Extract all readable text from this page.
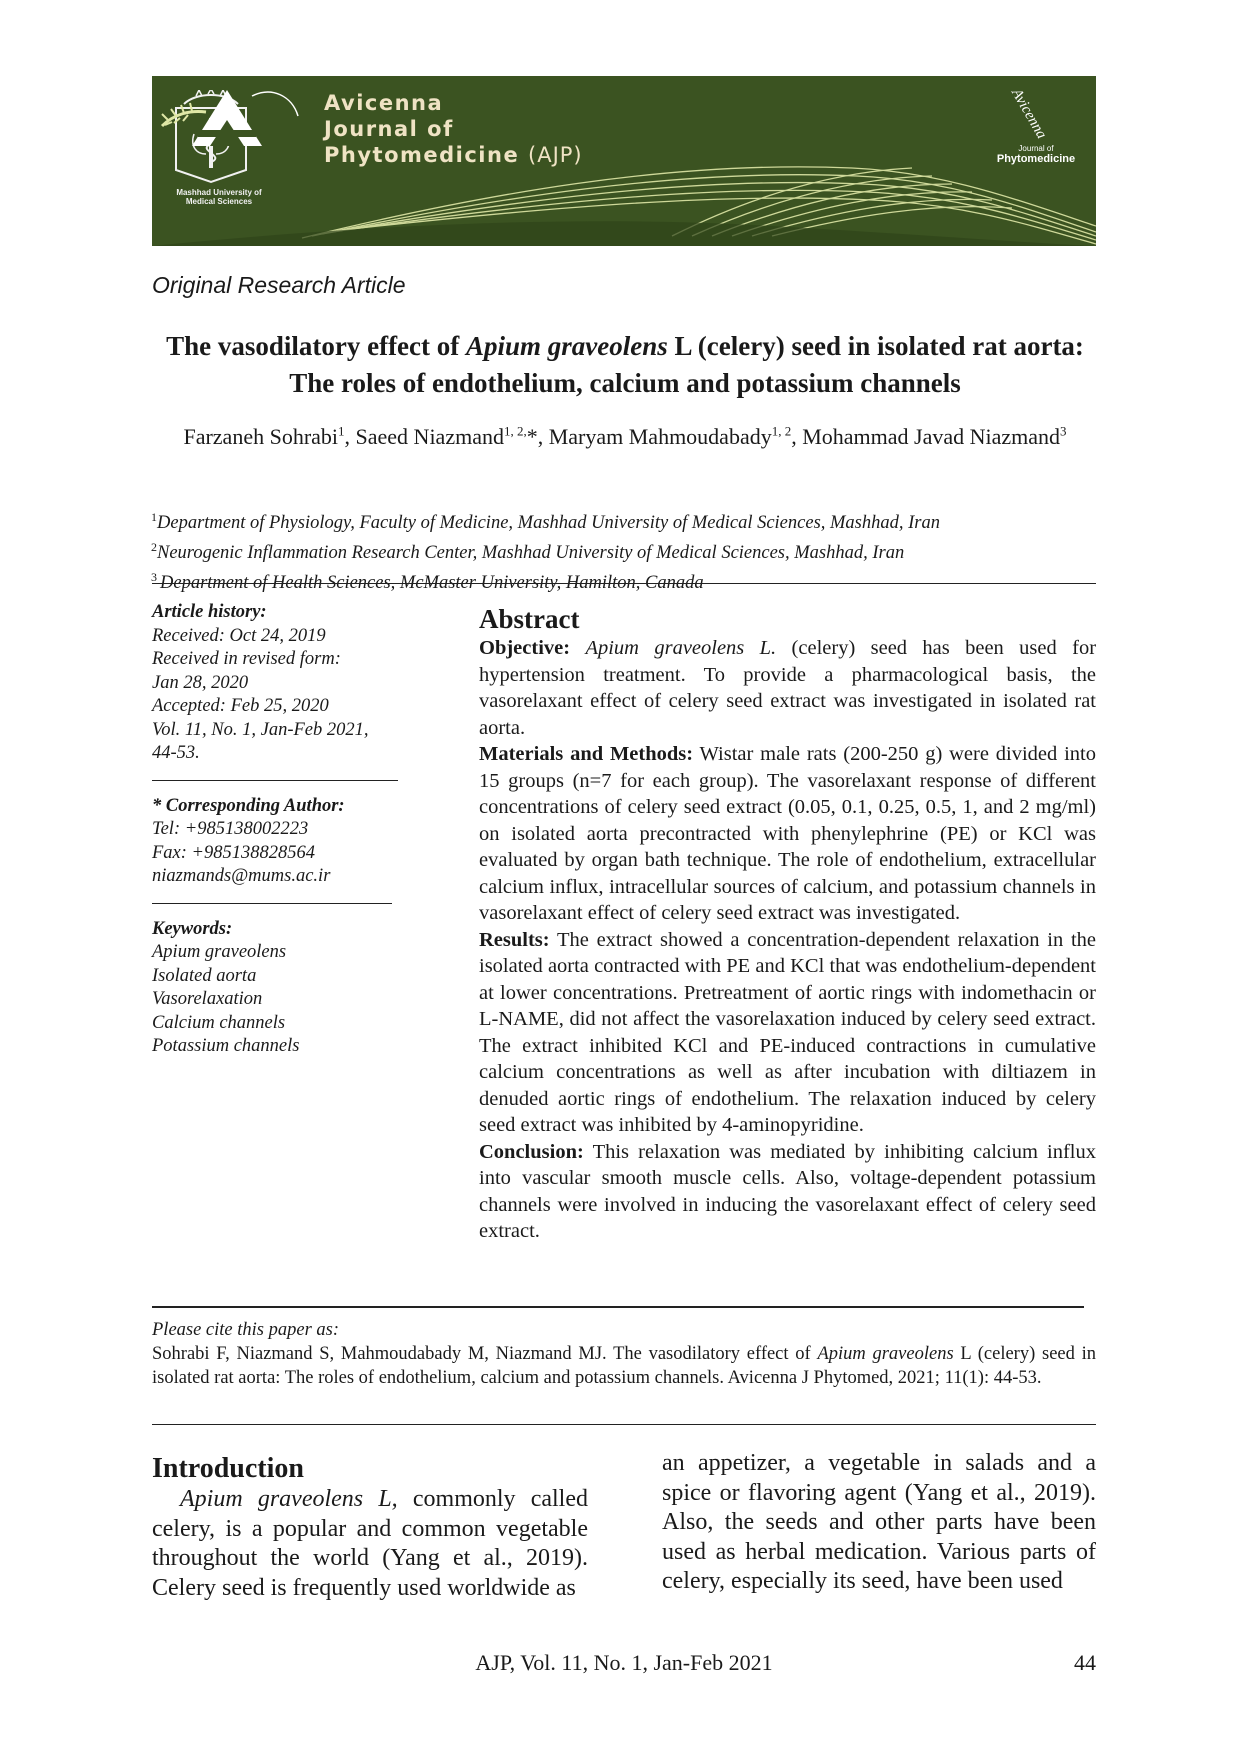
Mashhad University of Medical Sciences
Avicenna
Journal of
Phytomedicine (AJP)
Avicenna
Journal of
Phytomedicine
Original Research Article
The vasodilatory effect of Apium graveolens L (celery) seed in isolated rat aorta: The roles of endothelium, calcium and potassium channels
Farzaneh Sohrabi$^1$, Saeed Niazmand$^{1, 2,}$*, Maryam Mahmoudabady$^{1, 2}$, Mohammad Javad Niazmand$^3$
$^1$Department of Physiology, Faculty of Medicine, Mashhad University of Medical Sciences, Mashhad, Iran
$^2$Neurogenic Inflammation Research Center, Mashhad University of Medical Sciences, Mashhad, Iran
$^3$ Department of Health Sciences, McMaster University, Hamilton, Canada
Article history:
Received: Oct 24, 2019
Received in revised form:
Jan 28, 2020
Accepted: Feb 25, 2020
Vol. 11, No. 1, Jan-Feb 2021,
44-53.
* Corresponding Author:
Tel: +985138002223
Fax: +985138828564
niazmands@mums.ac.ir
Keywords:
Apium graveolens
Isolated aorta
Vasorelaxation
Calcium channels
Potassium channels
Abstract

Objective: Apium graveolens L. (celery) seed has been used for hypertension treatment. To provide a pharmacological basis, the vasorelaxant effect of celery seed extract was investigated in isolated rat aorta.

Materials and Methods: Wistar male rats (200-250 g) were divided into 15 groups (n=7 for each group). The vasorelaxant response of different concentrations of celery seed extract (0.05, 0.1, 0.25, 0.5, 1, and 2 mg/ml) on isolated aorta precontracted with phenylephrine (PE) or KCl was evaluated by organ bath technique. The role of endothelium, extracellular calcium influx, intracellular sources of calcium, and potassium channels in vasorelaxant effect of celery seed extract was investigated.

Results: The extract showed a concentration-dependent relaxation in the isolated aorta contracted with PE and KCl that was endothelium-dependent at lower concentrations. Pretreatment of aortic rings with indomethacin or L-NAME, did not affect the vasorelaxation induced by celery seed extract. The extract inhibited KCl and PE-induced contractions in cumulative calcium concentrations as well as after incubation with diltiazem in denuded aortic rings of endothelium. The relaxation induced by celery seed extract was inhibited by 4-aminopyridine.

Conclusion: This relaxation was mediated by inhibiting calcium influx into vascular smooth muscle cells. Also, voltage-dependent potassium channels were involved in inducing the vasorelaxant effect of celery seed extract.

Please cite this paper as:

Sohrabi F, Niazmand S, Mahmoudabady M, Niazmand MJ. The vasodilatory effect of Apium graveolens L (celery) seed in isolated rat aorta: The roles of endothelium, calcium and potassium channels. Avicenna J Phytomed, 2021; 11(1): 44-53.

Introduction

Apium graveolens L, commonly called celery, is a popular and common vegetable throughout the world (Yang et al., 2019). Celery seed is frequently used worldwide as

an appetizer, a vegetable in salads and a spice or flavoring agent (Yang et al., 2019). Also, the seeds and other parts have been used as herbal medication. Various parts of celery, especially its seed, have been used

AJP, Vol. 11, No. 1, Jan-Feb 2021	44
